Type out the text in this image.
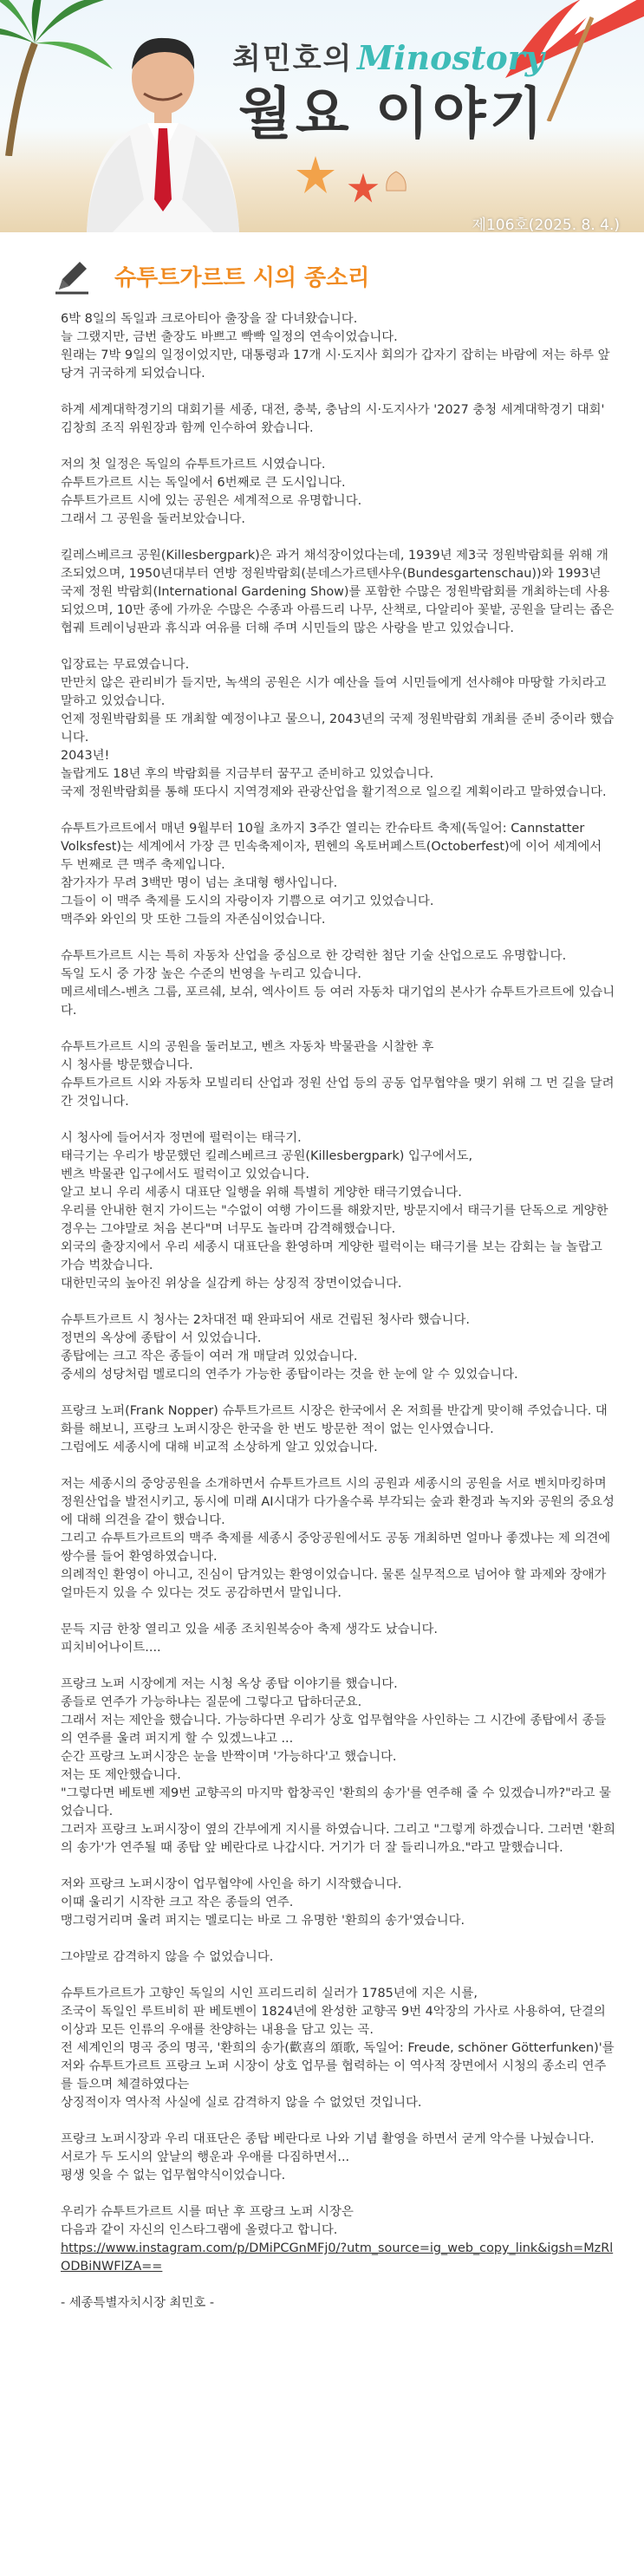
최민호의 Minostory
월요 이야기
제106호(2025. 8. 4.)
슈투트가르트 시의 종소리

6박 8일의 독일과 크로아티아 출장을 잘 다녀왔습니다.
늘 그랬지만, 금번 출장도 바쁘고 빡빡 일정의 연속이었습니다.
원래는 7박 9일의 일정이었지만, 대통령과 17개 시·도지사 회의가 갑자기 잡히는 바람에 저는 하루 앞당겨 귀국하게 되었습니다.

하계 세계대학경기의 대회기를 세종, 대전, 충북, 충남의 시·도지사가 '2027 충청 세계대학경기 대회' 김창희 조직 위원장과 함께 인수하여 왔습니다.

저의 첫 일정은 독일의 슈투트가르트 시였습니다.
슈투트가르트 시는 독일에서 6번째로 큰 도시입니다.
슈투트가르트 시에 있는 공원은 세계적으로 유명합니다.
그래서 그 공원을 둘러보았습니다.

킬레스베르크 공원(Killesbergpark)은 과거 채석장이었다는데, 1939년 제3국 정원박람회를 위해 개조되었으며, 1950년대부터 연방 정원박람회(분데스가르텐샤우(Bundesgartenschau))와 1993년 국제 정원 박람회(International Gardening Show)를 포함한 수많은 정원박람회를 개최하는데 사용되었으며, 10만 종에 가까운 수많은 수종과 아름드리 나무, 산책로, 다알리아 꽃밭, 공원을 달리는 좁은 협궤 트레이닝판과 휴식과 여유를 더해 주며 시민들의 많은 사랑을 받고 있었습니다.

입장료는 무료였습니다.
만만치 않은 관리비가 들지만, 녹색의 공원은 시가 예산을 들여 시민들에게 선사해야 마땅할 가치라고 말하고 있었습니다.
언제 정원박람회를 또 개최할 예정이냐고 물으니, 2043년의 국제 정원박람회 개최를 준비 중이라 했습니다.
2043년!
놀랍게도 18년 후의 박람회를 지금부터 꿈꾸고 준비하고 있었습니다.
국제 정원박람회를 통해 또다시 지역경제와 관광산업을 활기적으로 일으킬 계획이라고 말하였습니다.

슈투트가르트에서 매년 9월부터 10월 초까지 3주간 열리는 칸슈타트 축제(독일어: Cannstatter Volksfest)는 세계에서 가장 큰 민속축제이자, 뮌헨의 옥토버페스트(Octoberfest)에 이어 세계에서 두 번째로 큰 맥주 축제입니다.
참가자가 무려 3백만 명이 넘는 초대형 행사입니다.
그들이 이 맥주 축제를 도시의 자랑이자 기쁨으로 여기고 있었습니다.
맥주와 와인의 맛 또한 그들의 자존심이었습니다.

슈투트가르트 시는 특히 자동차 산업을 중심으로 한 강력한 첨단 기술 산업으로도 유명합니다.
독일 도시 중 가장 높은 수준의 번영을 누리고 있습니다.
메르세데스-벤츠 그룹, 포르쉐, 보쉬, 엑사이트 등 여러 자동차 대기업의 본사가 슈투트가르트에 있습니다.

슈투트가르트 시의 공원을 둘러보고, 벤츠 자동차 박물관을 시찰한 후
시 청사를 방문했습니다.
슈투트가르트 시와 자동차 모빌리티 산업과 정원 산업 등의 공동 업무협약을 맺기 위해 그 먼 길을 달려 간 것입니다.

시 청사에 들어서자 정면에 펄럭이는 태극기.
태극기는 우리가 방문했던 킬레스베르크 공원(Killesbergpark) 입구에서도,
벤츠 박물관 입구에서도 펄럭이고 있었습니다.
알고 보니 우리 세종시 대표단 일행을 위해 특별히 게양한 태극기였습니다.
우리를 안내한 현지 가이드는 "수없이 여행 가이드를 해왔지만, 방문지에서 태극기를 단독으로 게양한 경우는 그야말로 처음 본다"며 너무도 놀라며 감격해했습니다.
외국의 출장지에서 우리 세종시 대표단을 환영하며 게양한 펄럭이는 태극기를 보는 감회는 늘 놀랍고 가슴 벅찼습니다.
대한민국의 높아진 위상을 실감케 하는 상징적 장면이었습니다.

슈투트가르트 시 청사는 2차대전 때 완파되어 새로 건립된 청사라 했습니다.
정면의 옥상에 종탑이 서 있었습니다.
종탑에는 크고 작은 종들이 여러 개 매달려 있었습니다.
중세의 성당처럼 멜로디의 연주가 가능한 종탑이라는 것을 한 눈에 알 수 있었습니다.

프랑크 노퍼(Frank Nopper) 슈투트가르트 시장은 한국에서 온 저희를 반갑게 맞이해 주었습니다. 대화를 해보니, 프랑크 노퍼시장은 한국을 한 번도 방문한 적이 없는 인사였습니다.
그럼에도 세종시에 대해 비교적 소상하게 알고 있었습니다.

저는 세종시의 중앙공원을 소개하면서 슈투트가르트 시의 공원과 세종시의 공원을 서로 벤치마킹하며 정원산업을 발전시키고, 동시에 미래 AI시대가 다가올수록 부각되는 숲과 환경과 녹지와 공원의 중요성에 대해 의견을 같이 했습니다.
그리고 슈투트가르트의 맥주 축제를 세종시 중앙공원에서도 공동 개최하면 얼마나 좋겠냐는 제 의견에 쌍수를 들어 환영하였습니다.
의례적인 환영이 아니고, 진심이 담겨있는 환영이었습니다. 물론 실무적으로 넘어야 할 과제와 장애가 얼마든지 있을 수 있다는 것도 공감하면서 말입니다.

문득 지금 한창 열리고 있을 세종 조치원복숭아 축제 생각도 났습니다.
피치비어나이트....

프랑크 노퍼 시장에게 저는 시청 옥상 종탑 이야기를 했습니다.
종들로 연주가 가능하냐는 질문에 그렇다고 답하더군요.
그래서 저는 제안을 했습니다. 가능하다면 우리가 상호 업무협약을 사인하는 그 시간에 종탑에서 종들의 연주를 울려 퍼지게 할 수 있겠느냐고 ...
순간 프랑크 노퍼시장은 눈을 반짝이며 '가능하다'고 했습니다.
저는 또 제안했습니다.
"그렇다면 베토벤 제9번 교향곡의 마지막 합창곡인 '환희의 송가'를 연주해 줄 수 있겠습니까?"라고 물었습니다.
그러자 프랑크 노퍼시장이 옆의 간부에게 지시를 하였습니다. 그리고 "그렇게 하겠습니다. 그러면 '환희의 송가'가 연주될 때 종탑 앞 베란다로 나갑시다. 거기가 더 잘 들리니까요."라고 말했습니다.

저와 프랑크 노퍼시장이 업무협약에 사인을 하기 시작했습니다.
이때 울리기 시작한 크고 작은 종들의 연주.
맹그렁거리며 울려 퍼지는 멜로디는 바로 그 유명한 '환희의 송가'였습니다.

그야말로 감격하지 않을 수 없었습니다.

슈투트가르트가 고향인 독일의 시인 프리드리히 실러가 1785년에 지은 시를,
조국이 독일인 루트비히 판 베토벤이 1824년에 완성한 교향곡 9번 4악장의 가사로 사용하여, 단결의 이상과 모든 인류의 우애를 찬양하는 내용을 담고 있는 곡.
전 세계인의 명곡 중의 명곡, '환희의 송가(歡喜의 頌歌, 독일어: Freude, schöner Götterfunken)'를 저와 슈투트가르트 프랑크 노퍼 시장이 상호 업무를 협력하는 이 역사적 장면에서 시청의 종소리 연주를 들으며 체결하였다는
상징적이자 역사적 사실에 실로 감격하지 않을 수 없었던 것입니다.

프랑크 노퍼시장과 우리 대표단은 종탑 베란다로 나와 기념 촬영을 하면서 굳게 악수를 나눴습니다.
서로가 두 도시의 앞날의 행운과 우애를 다짐하면서...
평생 잊을 수 없는 업무협약식이었습니다.

우리가 슈투트가르트 시를 떠난 후 프랑크 노퍼 시장은
다음과 같이 자신의 인스타그램에 올렸다고 합니다.

https://www.instagram.com/p/DMiPCGnMFj0/?utm_source=ig_web_copy_link&igsh=MzRlODBiNWFlZA==

- 세종특별자치시장 최민호 -
